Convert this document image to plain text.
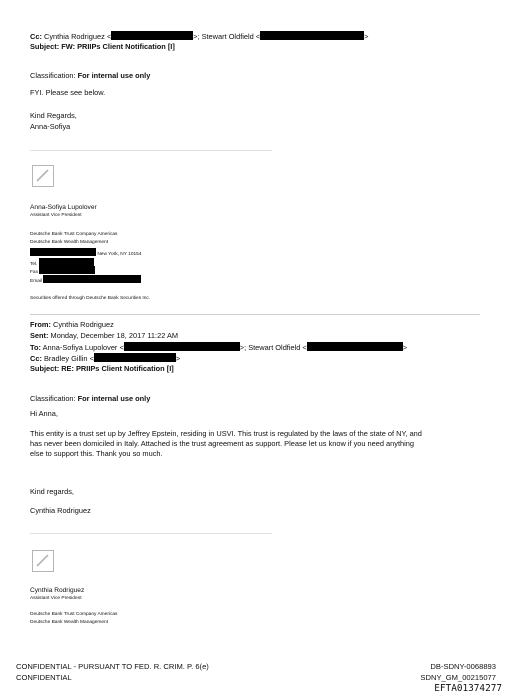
Cc: Cynthia Rodriguez <	>; Stewart Oldfield <	>
Subject: FW: PRIIPs Client Notification [I]
Classification: For internal use only
FYI. Please see below.
Kind Regards,
Anna-Sofiya
Anna-Sofiya Lupolover
Assistant Vice President
Deutsche Bank Trust Company Americas
Deutsche Bank Wealth Management
New York, NY 10154
Tel.
Fax
Email
Securities offered through Deutsche Bank Securities Inc.
From: Cynthia Rodriguez
Sent: Monday, December 18, 2017 11:22 AM
To: Anna-Sofiya Lupolover <	>; Stewart Oldfield <	>
Cc: Bradley Gillin <	>
Subject: RE: PRIIPs Client Notification [I]
Classification: For internal use only
Hi Anna,
This entity is a trust set up by Jeffrey Epstein, residing in USVI. This trust is regulated by the laws of the state of NY, and
has never been domiciled in Italy. Attached is the trust agreement as support. Please let us know if you need anything
else to support this. Thank you so much.
Kind regards,
Cynthia Rodriguez
Cynthia Rodriguez
Assistant Vice President
Deutsche Bank Trust Company Americas
Deutsche Bank Wealth Management
CONFIDENTIAL - PURSUANT TO FED. R. CRIM. P. 6(e)
CONFIDENTIAL
DB-SDNY-0068893
SDNY_GM_00215077
EFTA01374277
